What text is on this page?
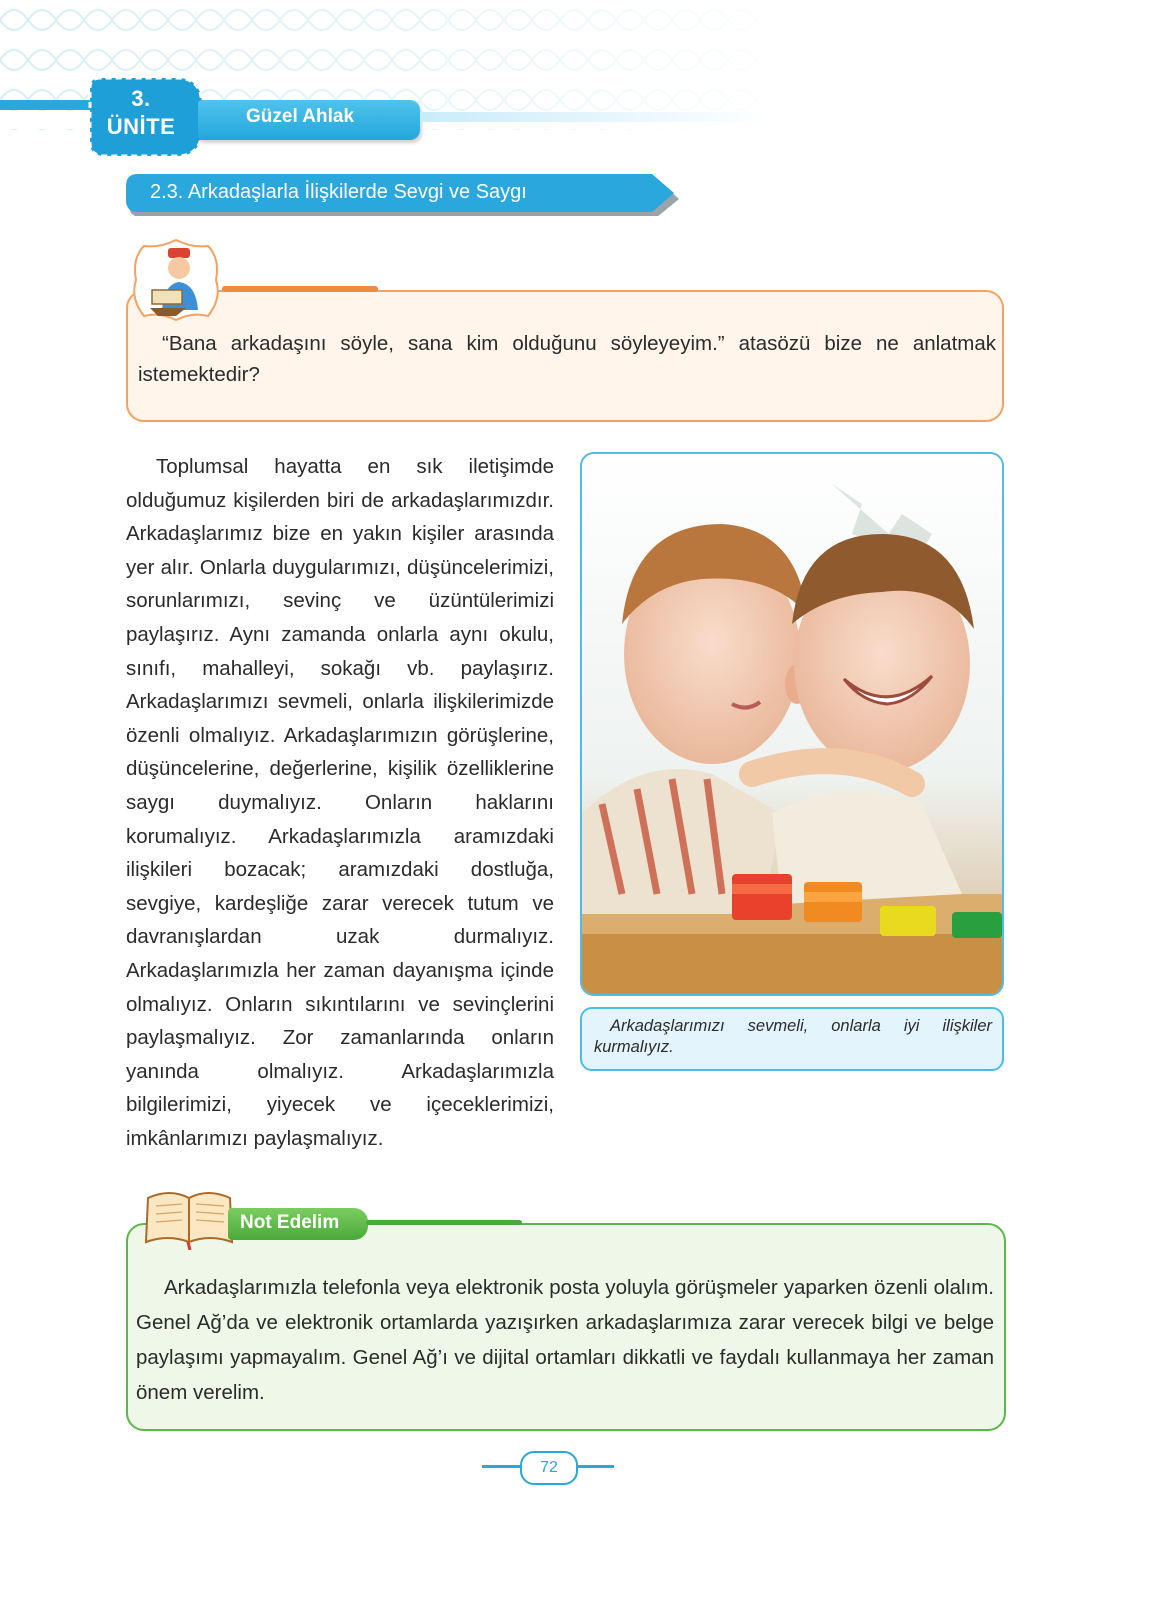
3.
ÜNİTE	Güzel Ahlak
2.3. Arkadaşlarla İlişkilerde Sevgi ve Saygı
“Bana arkadaşını söyle, sana kim olduğunu söyleyeyim.” atasözü bize ne anlatmak istemektedir?

Toplumsal hayatta en sık iletişimde olduğumuz kişilerden biri de arkadaşlarımızdır. Arkadaşlarımız bize en yakın kişiler arasında yer alır. Onlarla duygularımızı, düşüncelerimizi, sorunlarımızı, sevinç ve üzüntülerimizi paylaşırız. Aynı zamanda onlarla aynı okulu, sınıfı, mahalleyi, sokağı vb. paylaşırız. Arkadaşlarımızı sevmeli, onlarla ilişkilerimizde özenli olmalıyız. Arkadaşlarımızın görüşlerine, düşüncelerine, değerlerine, kişilik özelliklerine saygı duymalıyız. Onların haklarını korumalıyız. Arkadaşlarımızla aramızdaki ilişkileri bozacak; aramızdaki dostluğa, sevgiye, kardeşliğe zarar verecek tutum ve davranışlardan uzak durmalıyız. Arkadaşlarımızla her zaman dayanışma içinde olmalıyız. Onların sıkıntılarını ve sevinçlerini paylaşmalıyız. Zor zamanlarında onların yanında olmalıyız. Arkadaşlarımızla bilgilerimizi, yiyecek ve içeceklerimizi, imkânlarımızı paylaşmalıyız.

Arkadaşlarımızı sevmeli, onlarla iyi ilişkiler kurmalıyız.
Not Edelim
Arkadaşlarımızla telefonla veya elektronik posta yoluyla görüşmeler yaparken özenli olalım. Genel Ağ’da ve elektronik ortamlarda yazışırken arkadaşlarımıza zarar verecek bilgi ve belge paylaşımı yapmayalım. Genel Ağ’ı ve dijital ortamları dikkatli ve faydalı kullanmaya her zaman önem verelim.
72
